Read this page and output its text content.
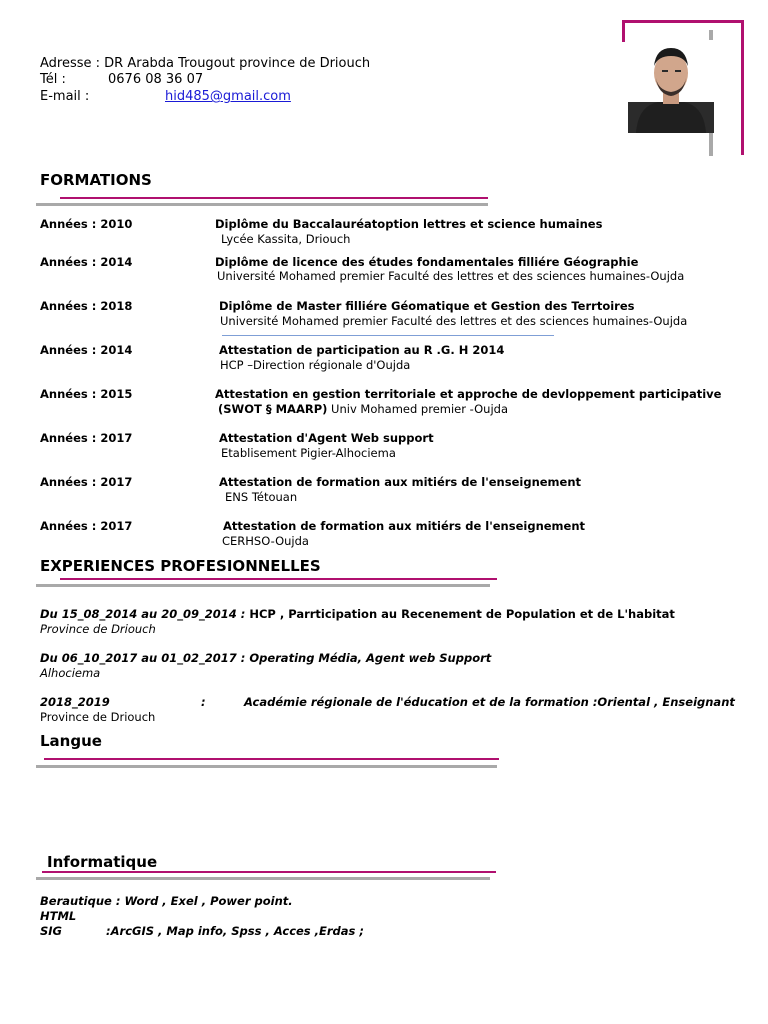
Adresse : DR Arabda Trougout province de Driouch
Tél :	0676 08 36 07
E-mail :	hid485@gmail.com
FORMATIONS
Années : 2010	Diplôme du Baccalauréatoption lettres et science humaines
Lycée Kassita, Driouch
Années : 2014	Diplôme de licence des études fondamentales filliére Géographie
Université Mohamed premier Faculté des lettres et des sciences humaines-Oujda
Années : 2018	Diplôme de Master filliére Géomatique et Gestion des Terrtoires
Université Mohamed premier Faculté des lettres et des sciences humaines-Oujda
Années : 2014	Attestation de participation au R .G. H 2014
HCP –Direction régionale d'Oujda
Années : 2015	Attestation en gestion territoriale et approche de devloppement participative
(SWOT § MAARP) Univ Mohamed premier -Oujda
Années : 2017	Attestation d'Agent Web support
Etablisement Pigier-Alhociema
Années : 2017	Attestation de formation aux mitiérs de l'enseignement
ENS Tétouan
Années : 2017	Attestation de formation aux mitiérs de l'enseignement
CERHSO-Oujda
EXPERIENCES PROFESIONNELLES
Du 15_08_2014 au 20_09_2014 : HCP , Parrticipation au Recenement de Population et de L'habitat
Province de Driouch
Du 06_10_2017 au 01_02_2017 : Operating Média, Agent web Support
Alhociema
2018_2019	:	Académie régionale de l'éducation et de la formation :Oriental , Enseignant
Province de Driouch
Langue
Informatique
Berautique : Word , Exel , Power point.
HTML
SIG           :ArcGIS , Map info, Spss , Acces ,Erdas ;
